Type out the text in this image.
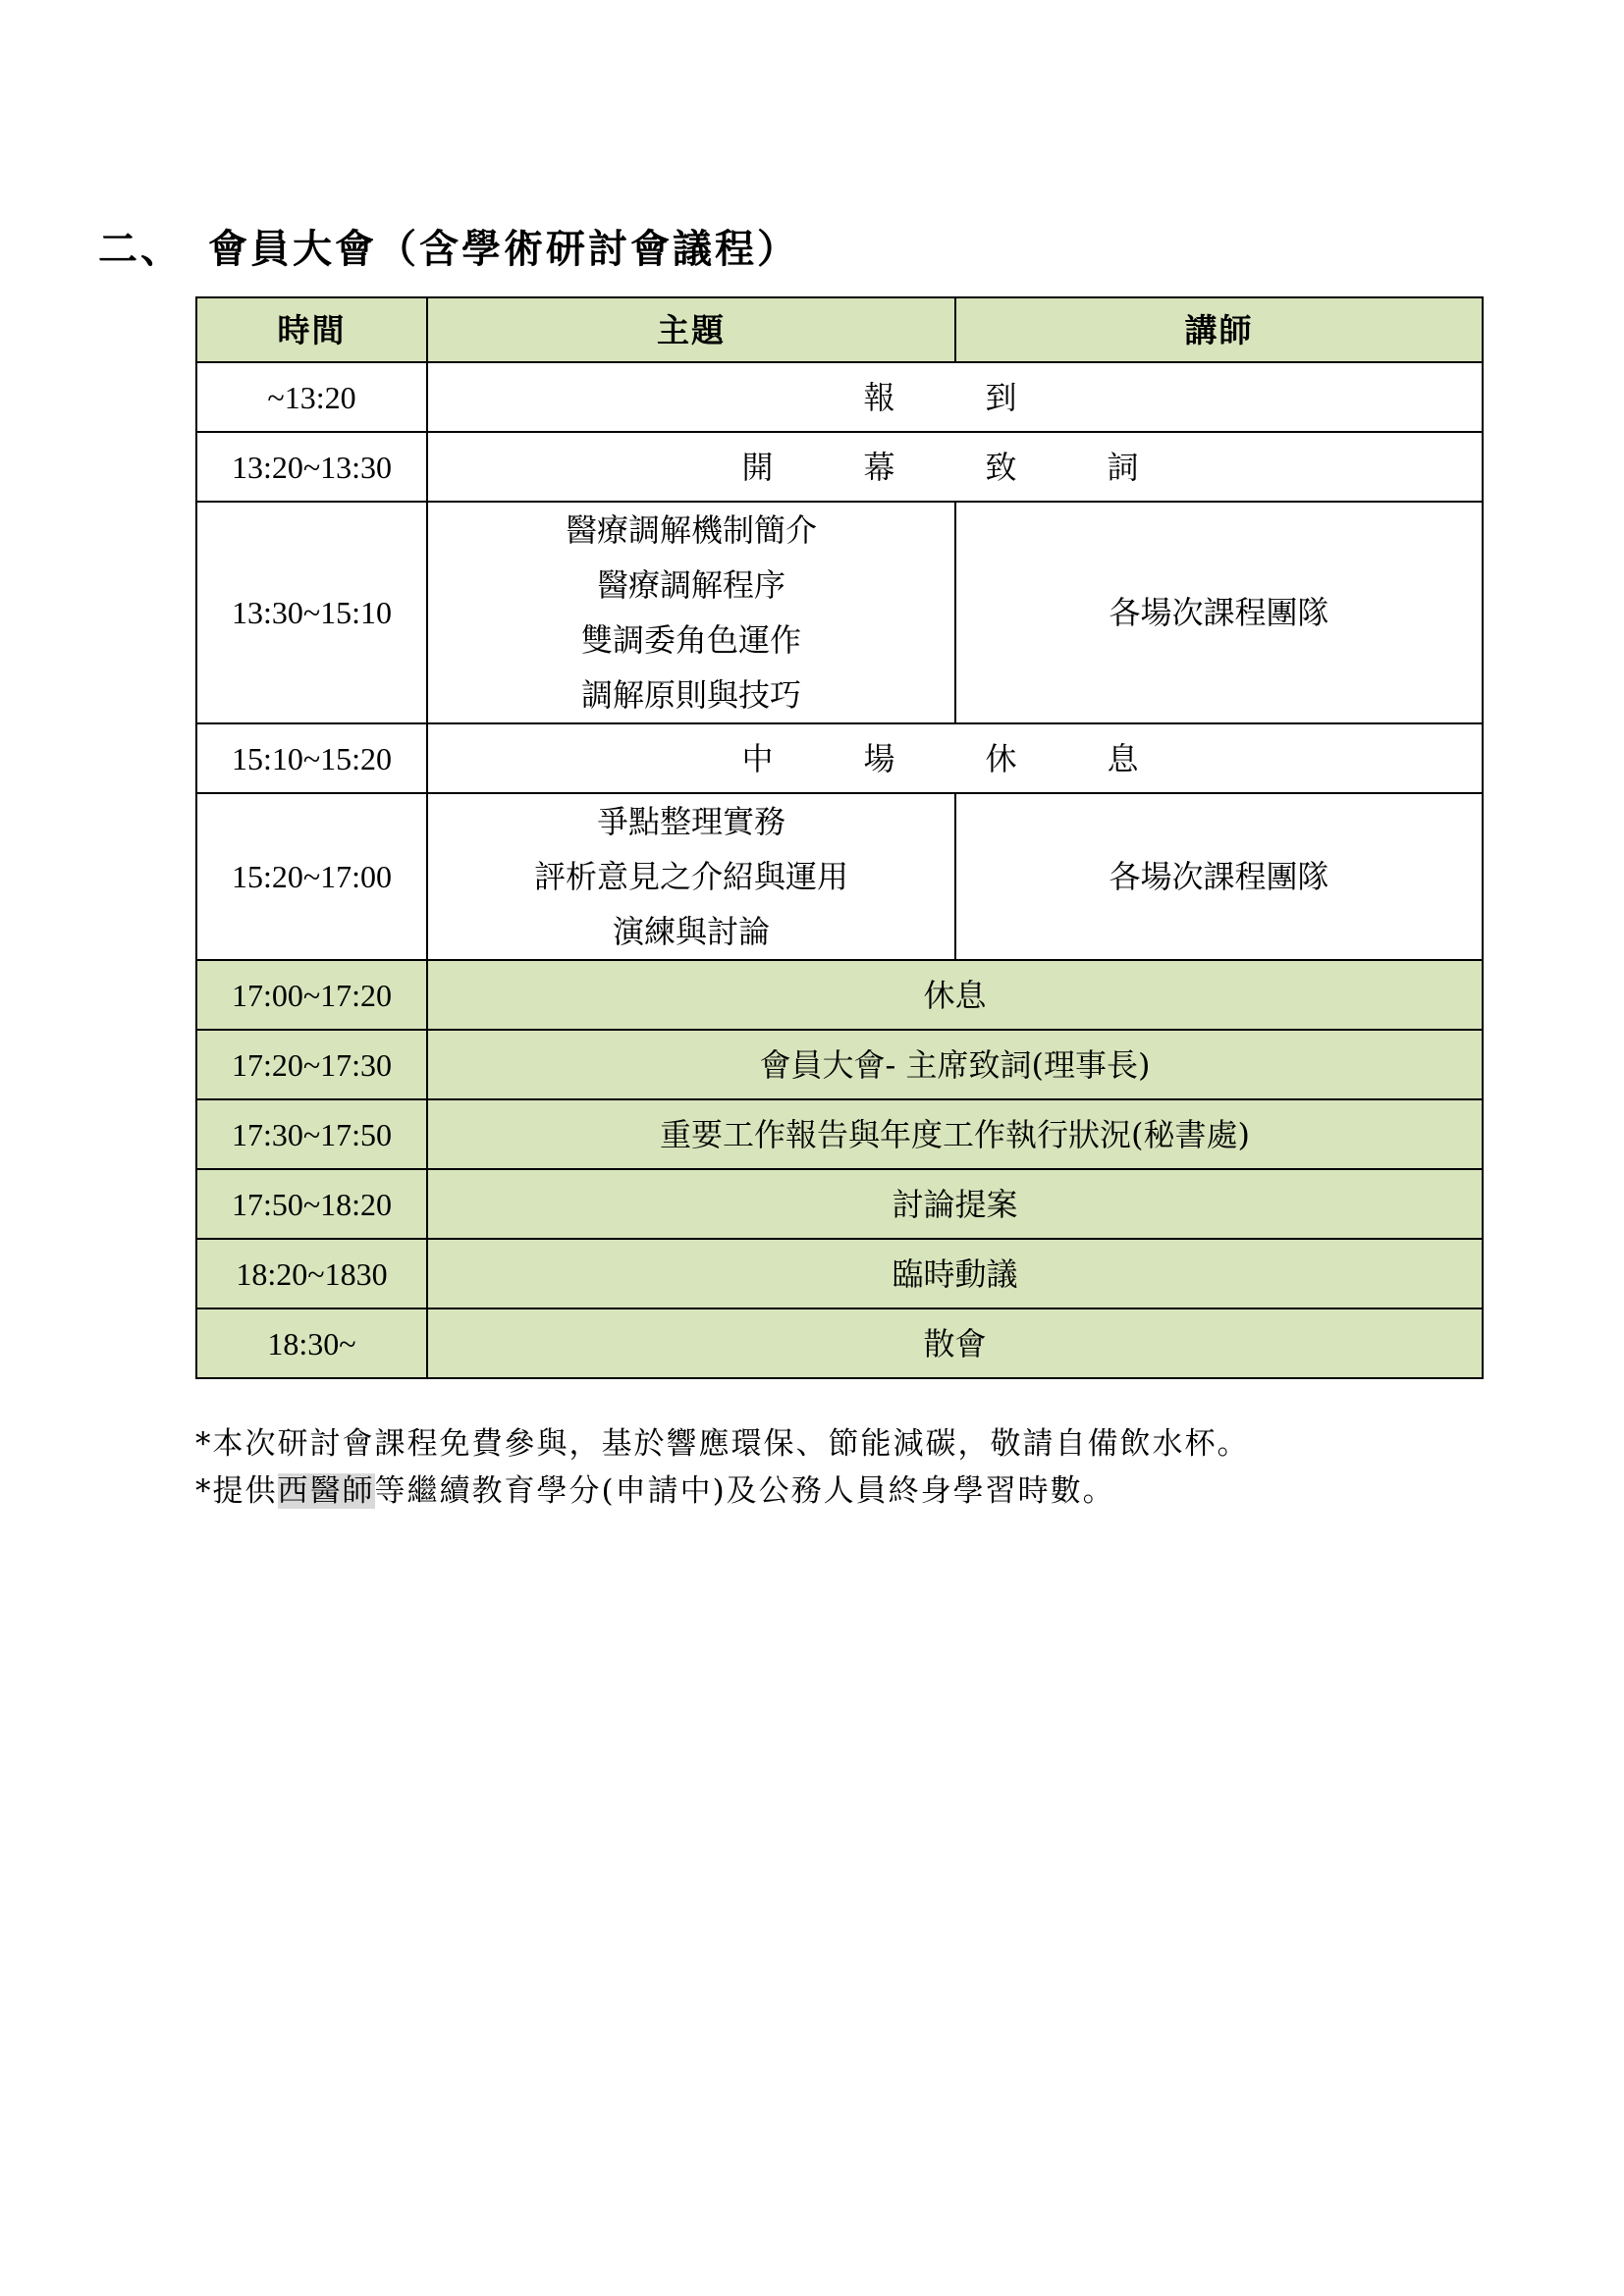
二、 會員大會（含學術研討會議程）
時間	主題	講師
~13:20	報　到	
13:20~13:30	開　幕　致　詞	
13:30~15:10	醫療調解機制簡介
醫療調解程序
雙調委角色運作
調解原則與技巧	各場次課程團隊
15:10~15:20	中　場　休　息	
15:20~17:00	爭點整理實務
評析意見之介紹與運用
演練與討論	各場次課程團隊
17:00~17:20	休息	
17:20~17:30	會員大會- 主席致詞(理事長)	
17:30~17:50	重要工作報告與年度工作執行狀況(秘書處)	
17:50~18:20	討論提案	
18:20~1830	臨時動議	
18:30~	散會	
*本次研討會課程免費參與，基於響應環保、節能減碳，敬請自備飲水杯。
*提供西醫師等繼續教育學分(申請中)及公務人員終身學習時數。
